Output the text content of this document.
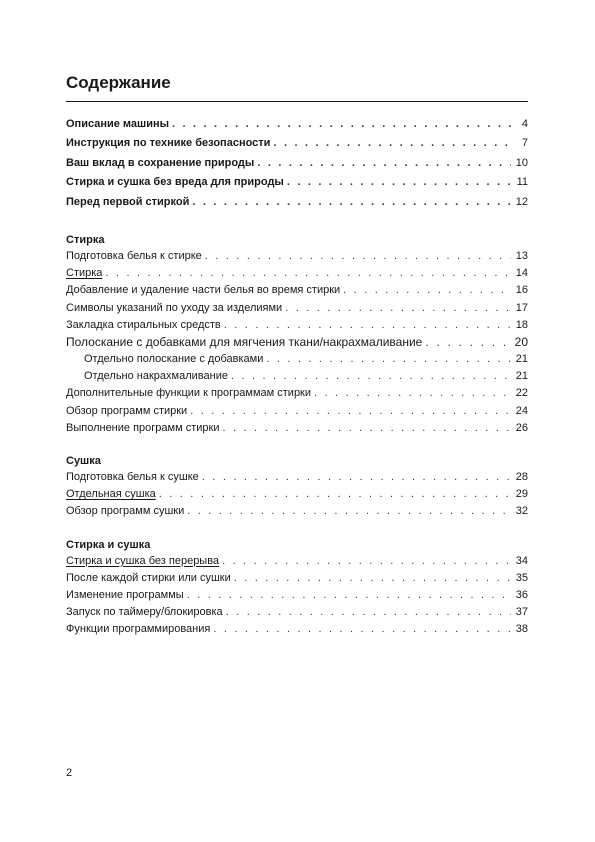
Содержание
Описание машины . . .	4
Инструкция по технике безопасности . . .	7
Ваш вклад в сохранение природы . . .	10
Стирка и сушка без вреда для природы . . .	11
Перед первой стиркой . . .	12
Стирка
Подготовка белья к стирке . . .	13
Стирка . . .	14
Добавление и удаление части белья во время стирки . . .	16
Символы указаний по уходу за изделиями . . .	17
Закладка стиральных средств . . .	18
Полоскание с добавками для мягчения ткани/накрахмаливание . . .	20
Отдельно полоскание с добавками . . .	21
Отдельно накрахмаливание . . .	21
Дополнительные функции к программам стирки . . .	22
Обзор программ стирки . . .	24
Выполнение программ стирки . . .	26
Сушка
Подготовка белья к сушке . . .	28
Отдельная сушка . . .	29
Обзор программ сушки . . .	32
Стирка и сушка
Стирка и сушка без перерыва . . .	34
После каждой стирки или сушки . . .	35
Изменение программы . . .	36
Запуск по таймеру/блокировка . . .	37
Функции программирования . . .	38
2
